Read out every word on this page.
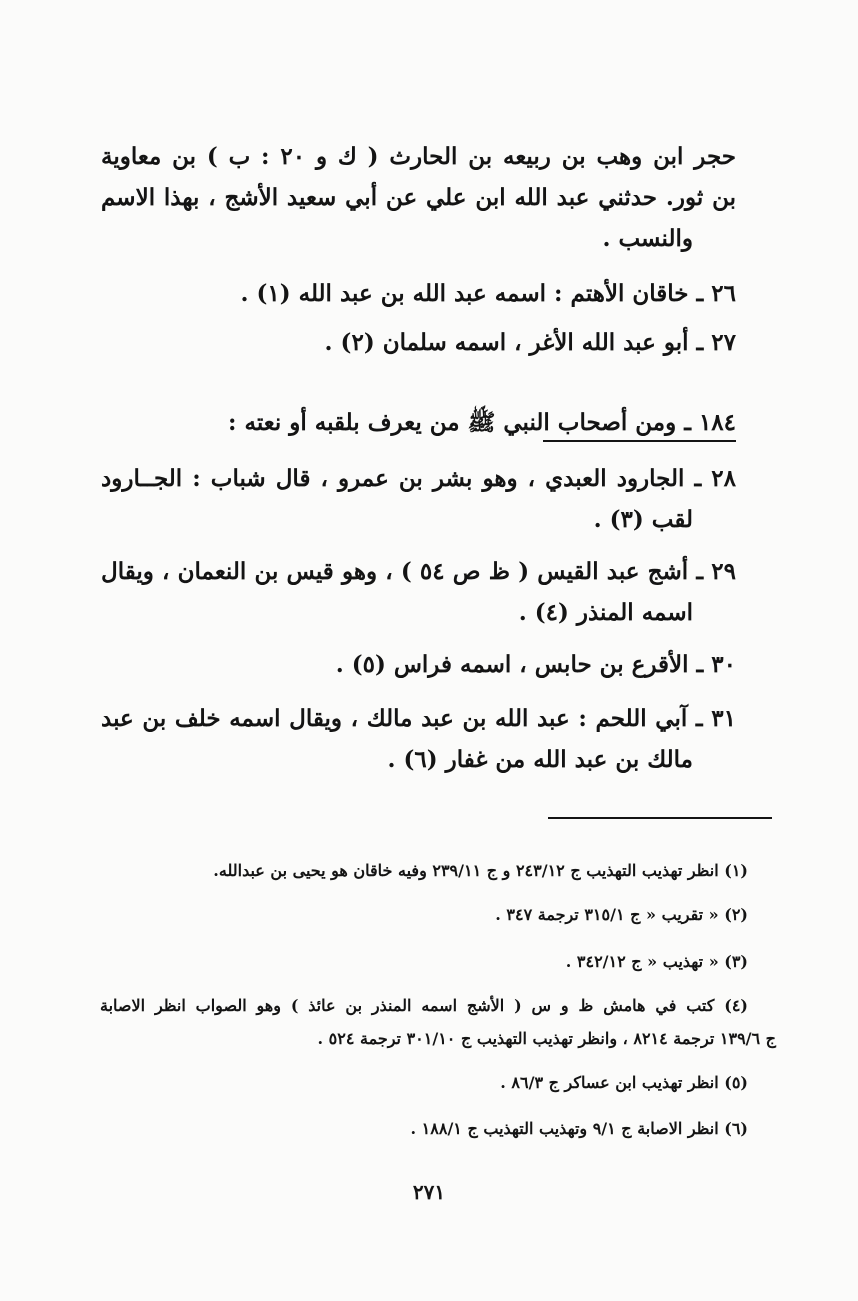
حجر ابن وهب بن ربيعه بن الحارث ( ك و ٢٠ : ب ) بن معاوية
بن ثور. حدثني عبد الله ابن علي عن أبي سعيد الأشج ، بهذا الاسم
والنسب .
٢٦ ـ خاقان الأهتم : اسمه عبد الله بن عبد الله (١) .
٢٧ ـ أبو عبد الله الأغر ، اسمه سلمان (٢) .
١٨٤ ـ ومن أصحاب النبي ﷺ من يعرف بلقبه أو نعته :
٢٨ ـ الجارود العبدي ، وهو بشر بن عمرو ، قال شباب : الجــارود
لقب (٣) .
٢٩ ـ أشج عبد القيس ( ظ ص ٥٤ ) ، وهو قيس بن النعمان ، ويقال
اسمه المنذر (٤) .
٣٠ ـ الأقرع بن حابس ، اسمه فراس (٥) .
٣١ ـ آبي اللحم : عبد الله بن عبد مالك ، ويقال اسمه خلف بن عبد
مالك بن عبد الله من غفار (٦) .
(١) انظر تهذيب التهذيب ج ٢٤٣/١٢ و ج ٢٣٩/١١ وفيه خاقان هو يحيى بن عبدالله.
(٢) « تقريب « ج ٣١٥/١ ترجمة ٣٤٧ .
(٣) « تهذيب « ج ٣٤٢/١٢ .
(٤) كتب في هامش ظ و س ( الأشج اسمه المنذر بن عائذ ) وهو الصواب انظر الاصابة
ج ١٣٩/٦ ترجمة ٨٢١٤ ، وانظر تهذيب التهذيب ج ٣٠١/١٠ ترجمة ٥٢٤ .
(٥) انظر تهذيب ابن عساكر ج ٨٦/٣ .
(٦) انظر الاصابة ج ٩/١ وتهذيب التهذيب ج ١٨٨/١ .
٢٧١
